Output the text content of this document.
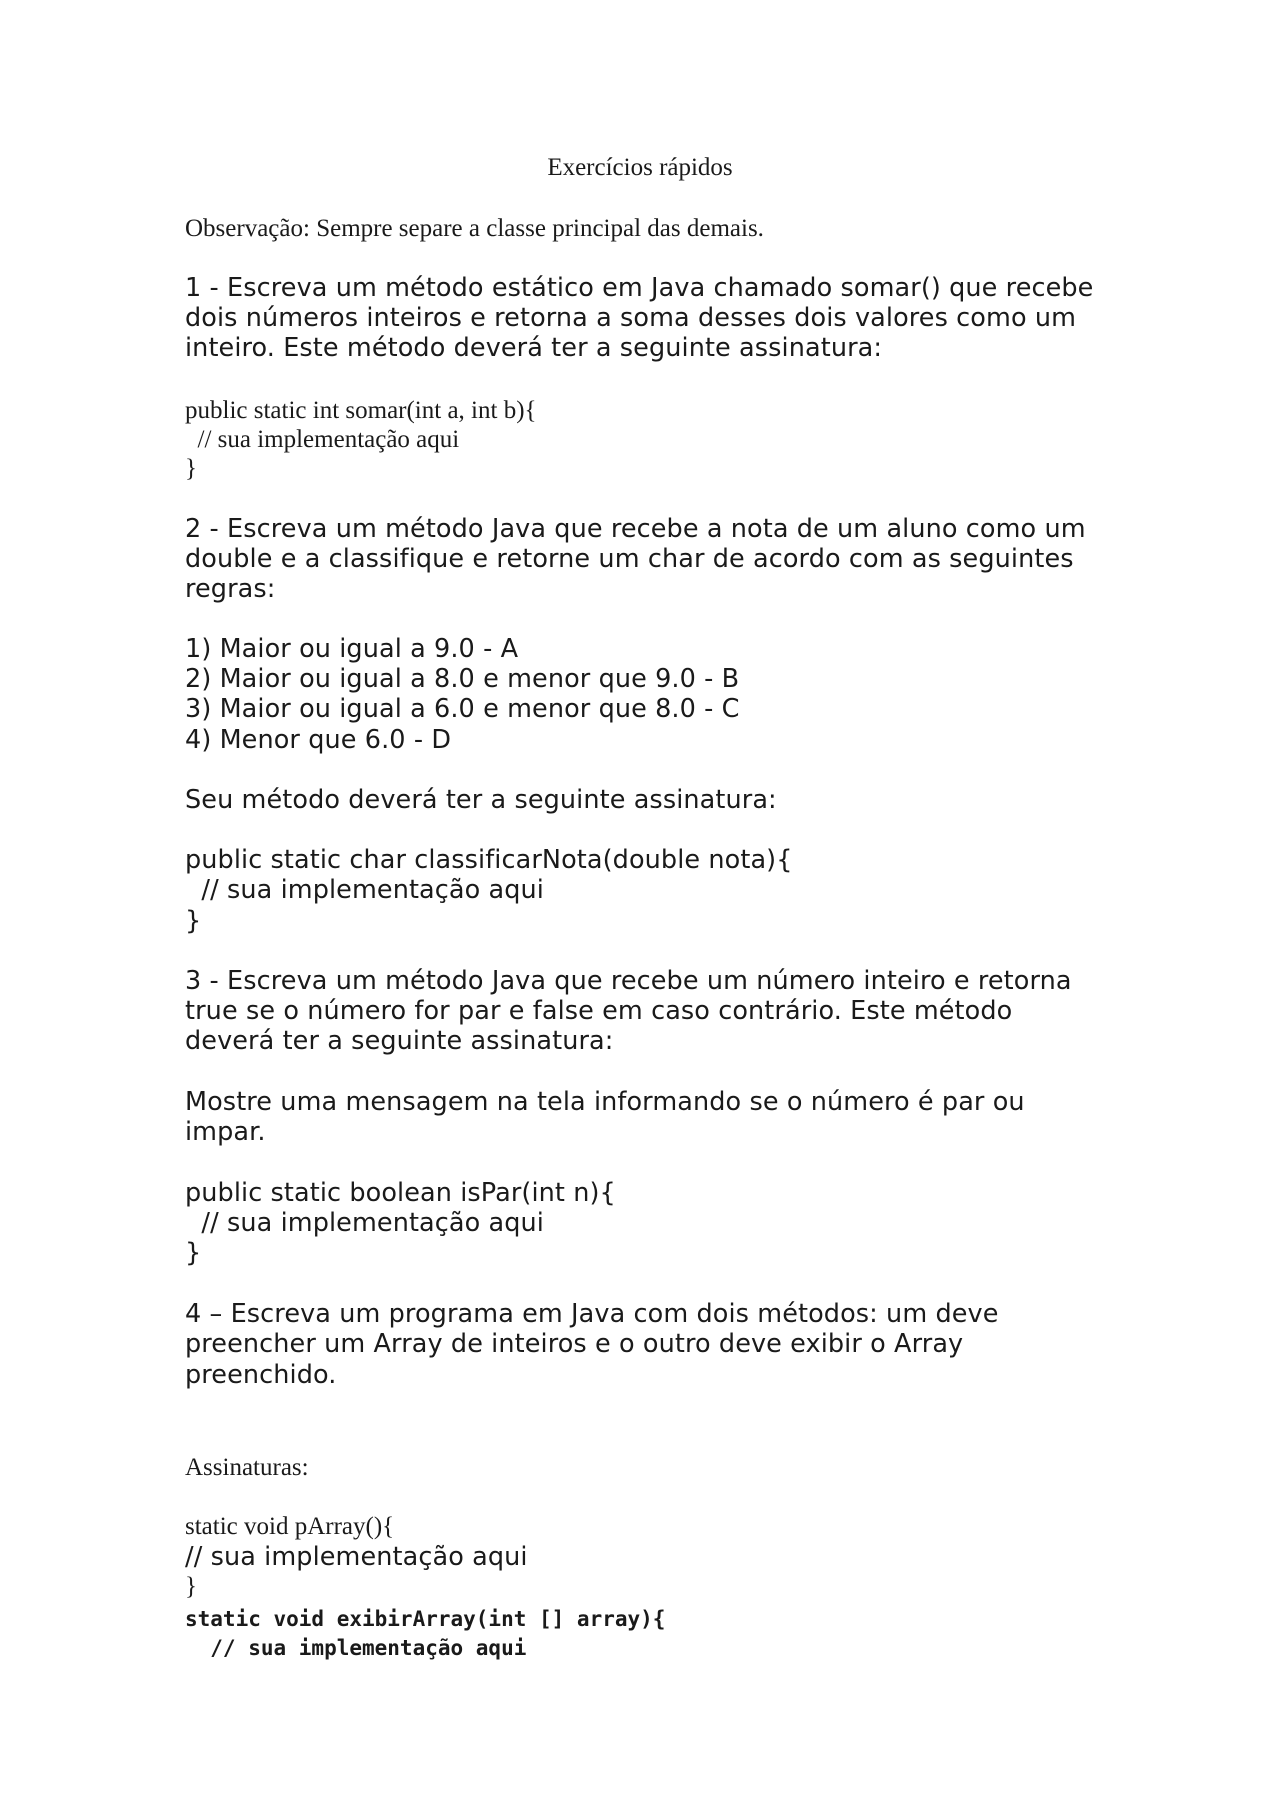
Exercícios rápidos

Observação: Sempre separe a classe principal das demais.

1 - Escreva um método estático em Java chamado somar() que recebe

dois números inteiros e retorna a soma desses dois valores como um

inteiro. Este método deverá ter a seguinte assinatura:

public static int somar(int a, int b){

// sua implementação aqui

}

2 - Escreva um método Java que recebe a nota de um aluno como um

double e a classifique e retorne um char de acordo com as seguintes

regras:

1) Maior ou igual a 9.0 - A

2) Maior ou igual a 8.0 e menor que 9.0 - B

3) Maior ou igual a 6.0 e menor que 8.0 - C

4) Menor que 6.0 - D

Seu método deverá ter a seguinte assinatura:

public static char classificarNota(double nota){

// sua implementação aqui

}

3 - Escreva um método Java que recebe um número inteiro e retorna

true se o número for par e false em caso contrário. Este método

deverá ter a seguinte assinatura:

Mostre uma mensagem na tela informando se o número é par ou

impar.

public static boolean isPar(int n){

// sua implementação aqui

}

4 – Escreva um programa em Java com dois métodos: um deve

preencher um Array de inteiros e o outro deve exibir o Array

preenchido.

Assinaturas:

static void pArray(){

// sua implementação aqui

}

static void exibirArray(int [] array){

// sua implementação aqui
